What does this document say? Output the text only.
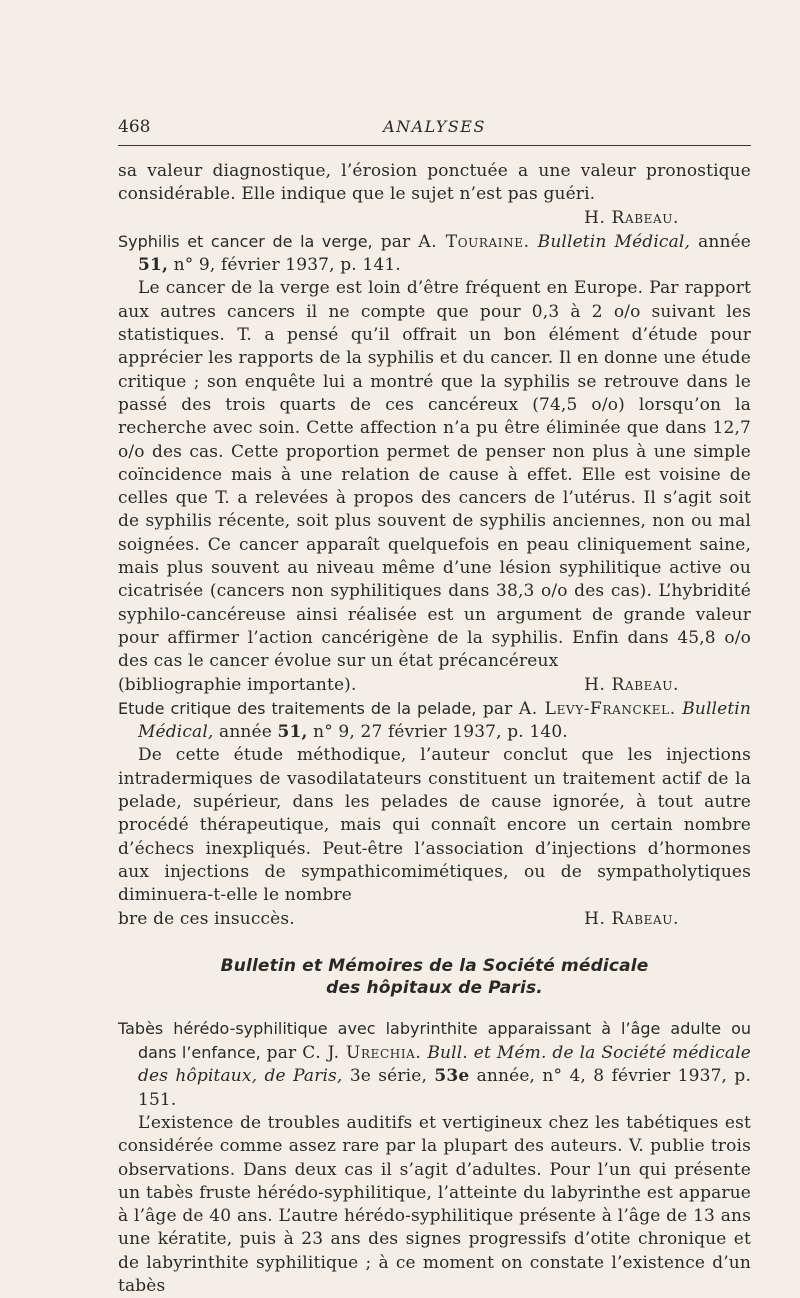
468	ANALYSES

sa valeur diagnostique, l’érosion ponctuée a une valeur pronostique considérable. Elle indique que le sujet n’est pas guéri.

H. Rabeau.

Syphilis et cancer de la verge, par A. Touraine. Bulletin Médical, année 51, n° 9, février 1937, p. 141.

Le cancer de la verge est loin d’être fréquent en Europe. Par rapport aux autres cancers il ne compte que pour 0,3 à 2 o/o suivant les statistiques. T. a pensé qu’il offrait un bon élément d’étude pour apprécier les rapports de la syphilis et du cancer. Il en donne une étude critique ; son enquête lui a montré que la syphilis se retrouve dans le passé des trois quarts de ces cancéreux (74,5 o/o) lorsqu’on la recherche avec soin. Cette affection n’a pu être éliminée que dans 12,7 o/o des cas. Cette proportion permet de penser non plus à une simple coïncidence mais à une relation de cause à effet. Elle est voisine de celles que T. a relevées à propos des cancers de l’utérus. Il s’agit soit de syphilis récente, soit plus souvent de syphilis anciennes, non ou mal soignées. Ce cancer apparaît quelquefois en peau cliniquement saine, mais plus souvent au niveau même d’une lésion syphilitique active ou cicatrisée (cancers non syphilitiques dans 38,3 o/o des cas). L’hybridité syphilo-cancéreuse ainsi réalisée est un argument de grande valeur pour affirmer l’action cancérigène de la syphilis. Enfin dans 45,8 o/o des cas le cancer évolue sur un état précancéreux

(bibliographie importante).	H. Rabeau.

Etude critique des traitements de la pelade, par A. Levy-Franckel. Bulletin Médical, année 51, n° 9, 27 février 1937, p. 140.

De cette étude méthodique, l’auteur conclut que les injections intradermiques de vasodilatateurs constituent un traitement actif de la pelade, supérieur, dans les pelades de cause ignorée, à tout autre procédé thérapeutique, mais qui connaît encore un certain nombre d’échecs inexpliqués. Peut-être l’association d’injections d’hormones aux injections de sympathicomimétiques, ou de sympatholytiques diminuera-t-elle le nombre

bre de ces insuccès.	H. Rabeau.
Bulletin et Mémoires de la Société médicale
des hôpitaux de Paris.

Tabès hérédo-syphilitique avec labyrinthite apparaissant à l’âge adulte ou dans l’enfance, par C. J. Urechia. Bull. et Mém. de la Société médicale des hôpitaux, de Paris, 3e série, 53e année, n° 4, 8 février 1937, p. 151.

L’existence de troubles auditifs et vertigineux chez les tabétiques est considérée comme assez rare par la plupart des auteurs. V. publie trois observations. Dans deux cas il s’agit d’adultes. Pour l’un qui présente un tabès fruste hérédo-syphilitique, l’atteinte du labyrinthe est apparue à l’âge de 40 ans. L’autre hérédo-syphilitique présente à l’âge de 13 ans une kératite, puis à 23 ans des signes progressifs d’otite chronique et de labyrinthite syphilitique ; à ce moment on constate l’existence d’un tabès
